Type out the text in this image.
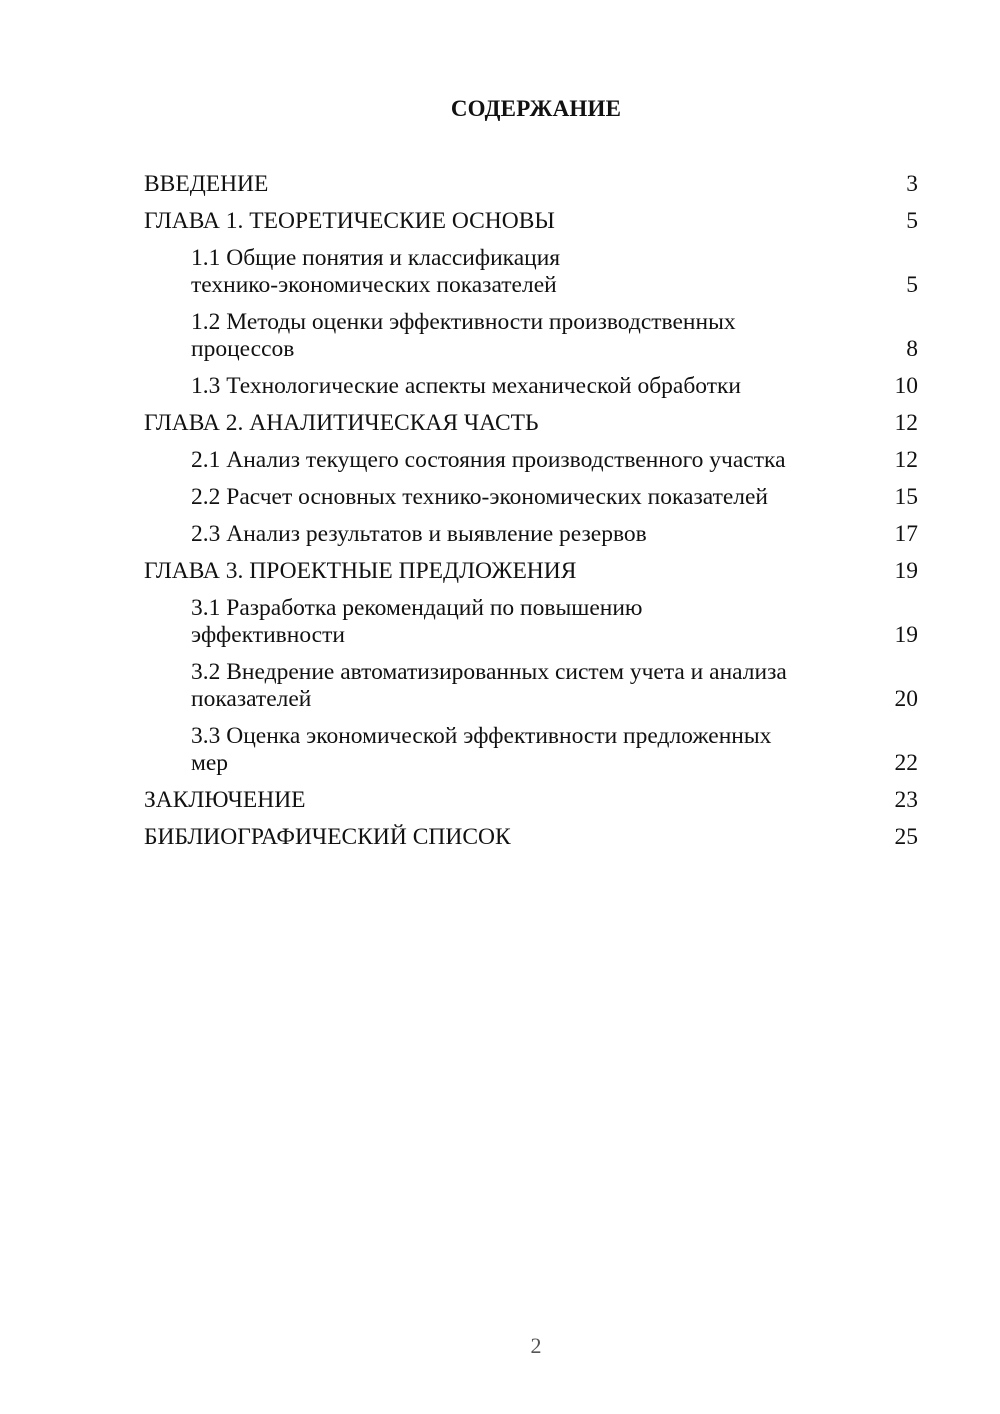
СОДЕРЖАНИЕ
ВВЕДЕНИЕ	3
ГЛАВА 1. ТЕОРЕТИЧЕСКИЕ ОСНОВЫ	5
1.1 Общие понятия и классификация
технико-экономических показателей	5
1.2 Методы оценки эффективности производственных
процессов	8
1.3 Технологические аспекты механической обработки	10
ГЛАВА 2. АНАЛИТИЧЕСКАЯ ЧАСТЬ	12
2.1 Анализ текущего состояния производственного участка	12
2.2 Расчет основных технико-экономических показателей	15
2.3 Анализ результатов и выявление резервов	17
ГЛАВА 3. ПРОЕКТНЫЕ ПРЕДЛОЖЕНИЯ	19
3.1 Разработка рекомендаций по повышению
эффективности	19
3.2 Внедрение автоматизированных систем учета и анализа
показателей	20
3.3 Оценка экономической эффективности предложенных
мер	22
ЗАКЛЮЧЕНИЕ	23
БИБЛИОГРАФИЧЕСКИЙ СПИСОК	25
2
